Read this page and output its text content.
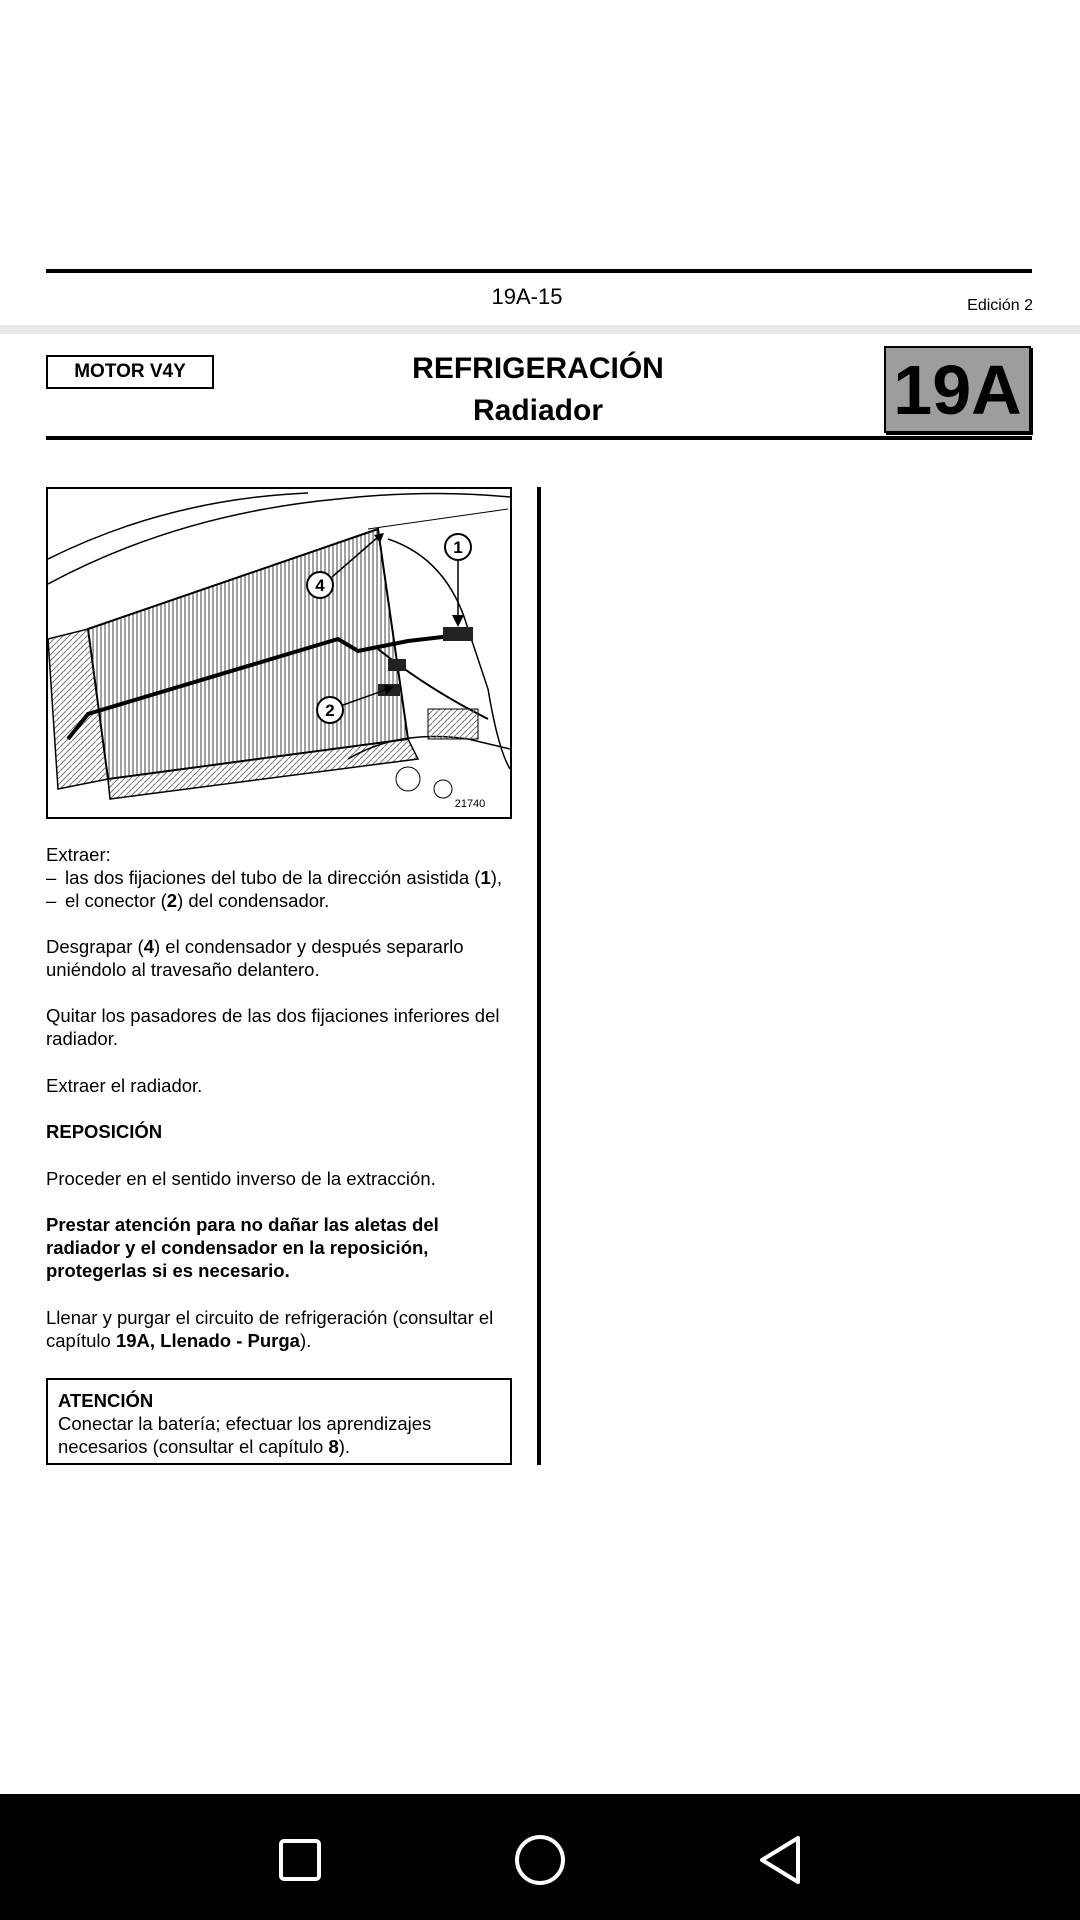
19A-15	Edición 2
MOTOR V4Y	REFRIGERACIÓN
Radiador	19A
4
1
2
21740

Extraer:

– las dos fijaciones del tubo de la dirección asistida (1),
– el conector (2) del condensador.

Desgrapar (4) el condensador y después separarlo uniéndolo al travesaño delantero.

Quitar los pasadores de las dos fijaciones inferiores del radiador.

Extraer el radiador.

REPOSICIÓN

Proceder en el sentido inverso de la extracción.

Prestar atención para no dañar las aletas del radiador y el condensador en la reposición, protegerlas si es necesario.

Llenar y purgar el circuito de refrigeración (consultar el capítulo 19A, Llenado - Purga).

ATENCIÓN
Conectar la batería; efectuar los aprendizajes necesarios (consultar el capítulo 8).
